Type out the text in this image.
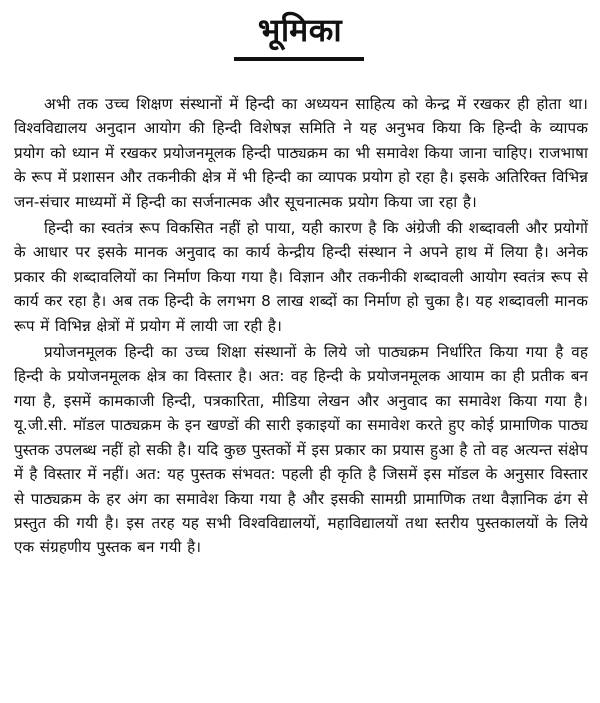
भूमिका

अभी तक उच्च शिक्षण संस्थानों में हिन्दी का अध्ययन साहित्य को केन्द्र में रखकर ही होता था। विश्वविद्यालय अनुदान आयोग की हिन्दी विशेषज्ञ समिति ने यह अनुभव किया कि हिन्दी के व्यापक प्रयोग को ध्यान में रखकर प्रयोजनमूलक हिन्दी पाठ्यक्रम का भी समावेश किया जाना चाहिए। राजभाषा के रूप में प्रशासन और तकनीकी क्षेत्र में भी हिन्दी का व्यापक प्रयोग हो रहा है। इसके अतिरिक्त विभिन्न जन-संचार माध्यमों में हिन्दी का सर्जनात्मक और सूचनात्मक प्रयोग किया जा रहा है।

हिन्दी का स्वतंत्र रूप विकसित नहीं हो पाया, यही कारण है कि अंग्रेजी की शब्दावली और प्रयोगों के आधार पर इसके मानक अनुवाद का कार्य केन्द्रीय हिन्दी संस्थान ने अपने हाथ में लिया है। अनेक प्रकार की शब्दावलियों का निर्माण किया गया है। विज्ञान और तकनीकी शब्दावली आयोग स्वतंत्र रूप से कार्य कर रहा है। अब तक हिन्दी के लगभग 8 लाख शब्दों का निर्माण हो चुका है। यह शब्दावली मानक रूप में विभिन्न क्षेत्रों में प्रयोग में लायी जा रही है।

प्रयोजनमूलक हिन्दी का उच्च शिक्षा संस्थानों के लिये जो पाठ्यक्रम निर्धारित किया गया है वह हिन्दी के प्रयोजनमूलक क्षेत्र का विस्तार है। अत: वह हिन्दी के प्रयोजनमूलक आयाम का ही प्रतीक बन गया है, इसमें कामकाजी हिन्दी, पत्रकारिता, मीडिया लेखन और अनुवाद का समावेश किया गया है। यू.जी.सी. मॉडल पाठ्यक्रम के इन खण्डों की सारी इकाइयों का समावेश करते हुए कोई प्रामाणिक पाठ्य पुस्तक उपलब्ध नहीं हो सकी है। यदि कुछ पुस्तकों में इस प्रकार का प्रयास हुआ है तो वह अत्यन्त संक्षेप में है विस्तार में नहीं। अत: यह पुस्तक संभवत: पहली ही कृति है जिसमें इस मॉडल के अनुसार विस्तार से पाठ्यक्रम के हर अंग का समावेश किया गया है और इसकी सामग्री प्रामाणिक तथा वैज्ञानिक ढंग से प्रस्तुत की गयी है। इस तरह यह सभी विश्वविद्यालयों, महाविद्यालयों तथा स्तरीय पुस्तकालयों के लिये एक संग्रहणीय पुस्तक बन गयी है।
